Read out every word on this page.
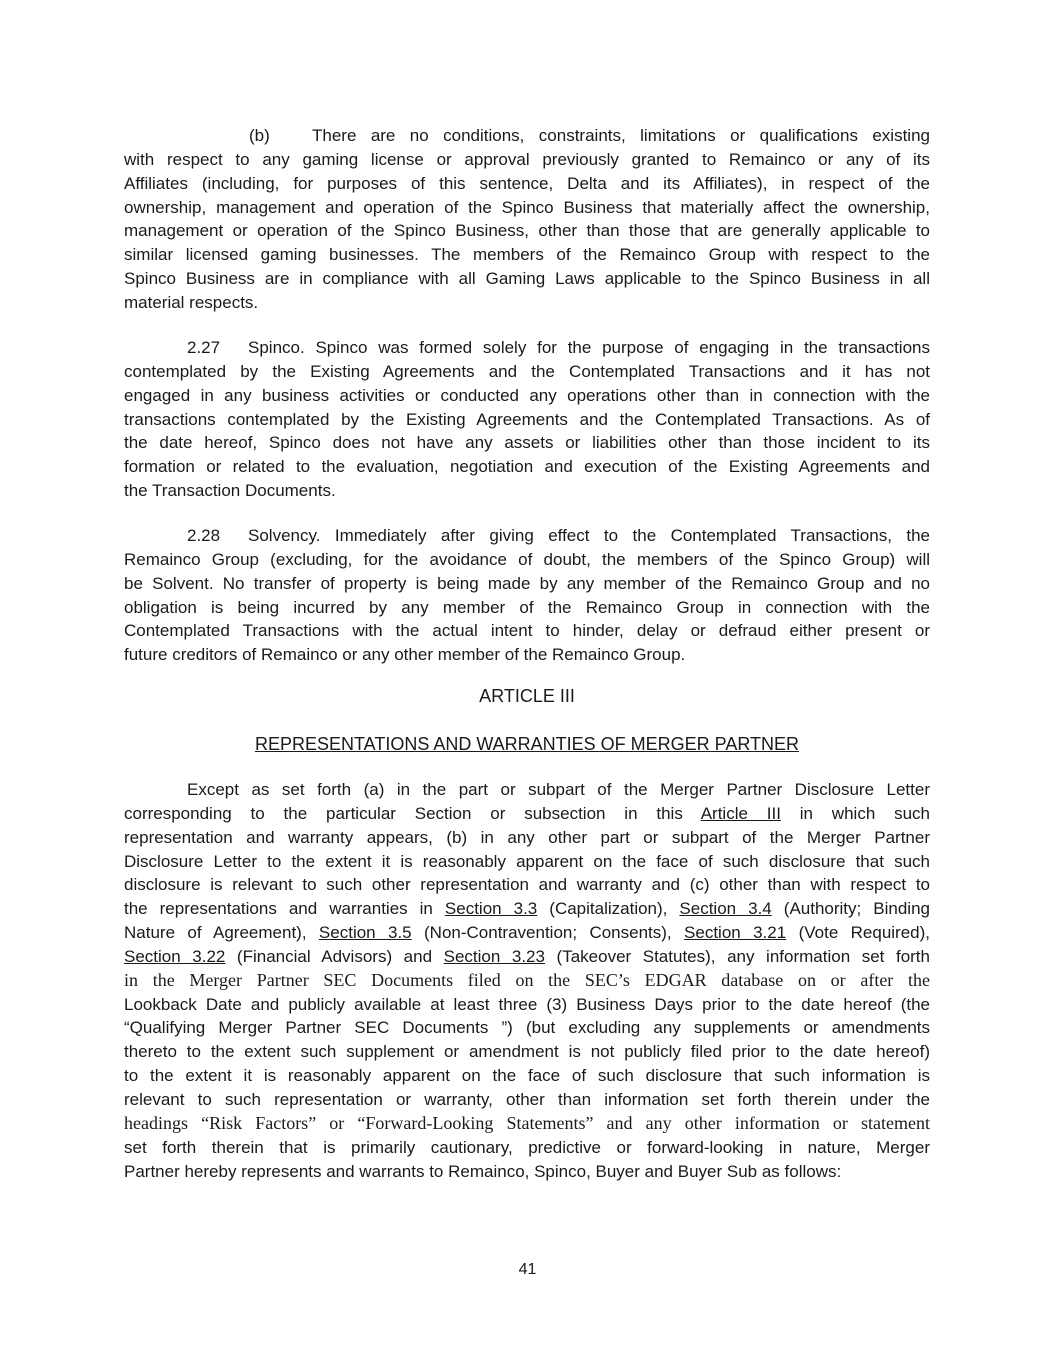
(b) There are no conditions, constraints, limitations or qualifications existing
with respect to any gaming license or approval previously granted to Remainco or any of its
Affiliates (including, for purposes of this sentence, Delta and its Affiliates), in respect of the
ownership, management and operation of the Spinco Business that materially affect the ownership,
management or operation of the Spinco Business, other than those that are generally applicable to
similar licensed gaming businesses. The members of the Remainco Group with respect to the
Spinco Business are in compliance with all Gaming Laws applicable to the Spinco Business in all
material respects.
2.27 Spinco. Spinco was formed solely for the purpose of engaging in the transactions
contemplated by the Existing Agreements and the Contemplated Transactions and it has not
engaged in any business activities or conducted any operations other than in connection with the
transactions contemplated by the Existing Agreements and the Contemplated Transactions. As of
the date hereof, Spinco does not have any assets or liabilities other than those incident to its
formation or related to the evaluation, negotiation and execution of the Existing Agreements and
the Transaction Documents.
2.28 Solvency. Immediately after giving effect to the Contemplated Transactions, the
Remainco Group (excluding, for the avoidance of doubt, the members of the Spinco Group) will
be Solvent. No transfer of property is being made by any member of the Remainco Group and no
obligation is being incurred by any member of the Remainco Group in connection with the
Contemplated Transactions with the actual intent to hinder, delay or defraud either present or
future creditors of Remainco or any other member of the Remainco Group.
ARTICLE III
REPRESENTATIONS AND WARRANTIES OF MERGER PARTNER
Except as set forth (a) in the part or subpart of the Merger Partner Disclosure Letter
corresponding to the particular Section or subsection in this Article III in which such
representation and warranty appears, (b) in any other part or subpart of the Merger Partner
Disclosure Letter to the extent it is reasonably apparent on the face of such disclosure that such
disclosure is relevant to such other representation and warranty and (c) other than with respect to
the representations and warranties in Section 3.3 (Capitalization), Section 3.4 (Authority; Binding
Nature of Agreement), Section 3.5 (Non-Contravention; Consents), Section 3.21 (Vote Required),
Section 3.22 (Financial Advisors) and Section 3.23 (Takeover Statutes), any information set forth
in the Merger Partner SEC Documents filed on the SEC’s EDGAR database on or after the
Lookback Date and publicly available at least three (3) Business Days prior to the date hereof (the
“Qualifying Merger Partner SEC Documents ”) (but excluding any supplements or amendments
thereto to the extent such supplement or amendment is not publicly filed prior to the date hereof)
to the extent it is reasonably apparent on the face of such disclosure that such information is
relevant to such representation or warranty, other than information set forth therein under the
headings “Risk Factors” or “Forward-Looking Statements” and any other information or statement
set forth therein that is primarily cautionary, predictive or forward-looking in nature, Merger
Partner hereby represents and warrants to Remainco, Spinco, Buyer and Buyer Sub as follows:
41
